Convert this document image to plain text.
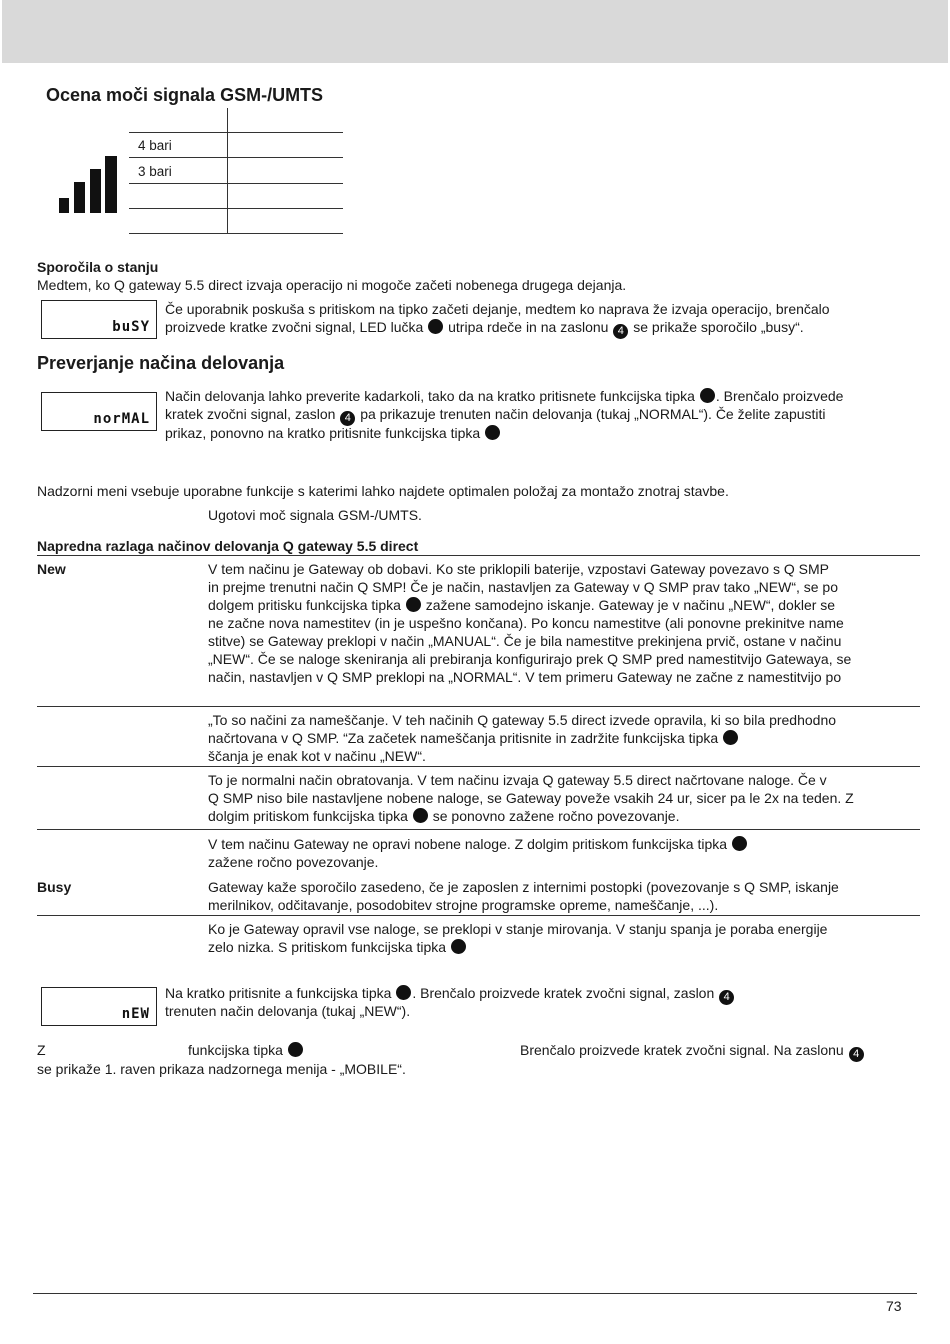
Ocena moči signala GSM-/UMTS
4 bari
3 bari
Sporočila o stanju
Medtem, ko Q gateway 5.5 direct izvaja operacijo ni mogoče začeti nobenega drugega dejanja.
buSY
Če uporabnik poskuša s pritiskom na tipko začeti dejanje, medtem ko naprava že izvaja operacijo, brenčalo
proizvede kratke zvočni signal, LED lučka utripa rdeče in na zaslonu 4 se prikaže sporočilo „busy“.
Preverjanje načina delovanja
norMAL
Način delovanja lahko preverite kadarkoli, tako da na kratko pritisnete funkcijska tipka . Brenčalo proizvede
kratek zvočni signal, zaslon 4 pa prikazuje trenuten način delovanja (tukaj „NORMAL“). Če želite zapustiti
prikaz, ponovno na kratko pritisnite funkcijska tipka
Nadzorni meni vsebuje uporabne funkcije s katerimi lahko najdete optimalen položaj za montažo znotraj stavbe.
Ugotovi moč signala GSM-/UMTS.
Napredna razlaga načinov delovanja Q gateway 5.5 direct
New	V tem načinu je Gateway ob dobavi. Ko ste priklopili baterije, vzpostavi Gateway povezavo s Q SMP
in prejme trenutni način Q SMP! Če je način, nastavljen za Gateway v Q SMP prav tako „NEW“, se po
dolgem pritisku funkcijska tipka zažene samodejno iskanje. Gateway je v načinu „NEW“, dokler se
ne začne nova namestitev (in je uspešno končana). Po koncu namestitve (ali ponovne prekinitve name
stitve) se Gateway preklopi v način „MANUAL“. Če je bila namestitve prekinjena prvič, ostane v načinu
„NEW“. Če se naloge skeniranja ali prebiranja konfigurirajo prek Q SMP pred namestitvijo Gatewaya, se
način, nastavljen v Q SMP preklopi na „NORMAL“. V tem primeru Gateway ne začne z namestitvijo po
„To so načini za nameščanje. V teh načinih Q gateway 5.5 direct izvede opravila, ki so bila predhodno
načrtovana v Q SMP. “Za začetek nameščanja pritisnite in zadržite funkcijska tipka
ščanja je enak kot v načinu „NEW“.
To je normalni način obratovanja. V tem načinu izvaja Q gateway 5.5 direct načrtovane naloge. Če v
Q SMP niso bile nastavljene nobene naloge, se Gateway poveže vsakih 24 ur, sicer pa le 2x na teden. Z
dolgim pritiskom funkcijska tipka se ponovno zažene ročno povezovanje.
V tem načinu Gateway ne opravi nobene naloge. Z dolgim pritiskom funkcijska tipka
zažene ročno povezovanje.
Busy	Gateway kaže sporočilo zasedeno, če je zaposlen z internimi postopki (povezovanje s Q SMP, iskanje
merilnikov, odčitavanje, posodobitev strojne programske opreme, nameščanje, ...).
Ko je Gateway opravil vse naloge, se preklopi v stanje mirovanja. V stanju spanja je poraba energije
zelo nizka. S pritiskom funkcijska tipka
nEW
Na kratko pritisnite a funkcijska tipka . Brenčalo proizvede kratek zvočni signal, zaslon 4
trenuten način delovanja (tukaj „NEW“).
Z	funkcijska tipka	Brenčalo proizvede kratek zvočni signal. Na zaslonu 4
se prikaže 1. raven prikaza nadzornega menija - „MOBILE“.
73
